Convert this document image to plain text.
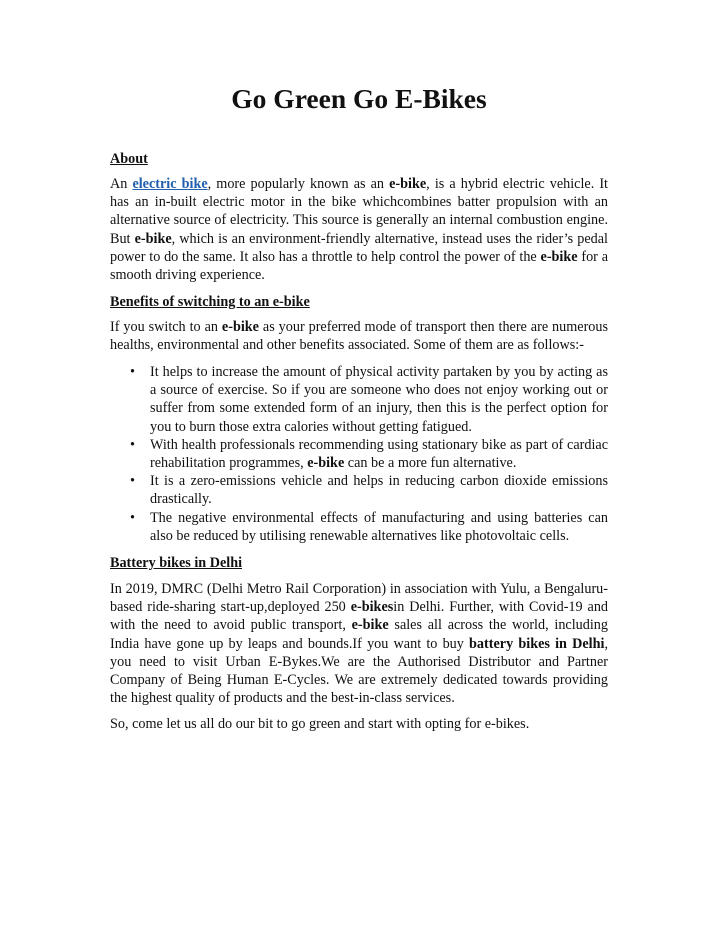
Go Green Go E-Bikes
About

An electric bike, more popularly known as an e-bike, is a hybrid electric vehicle. It has an in-built electric motor in the bike whichcombines batter propulsion with an alternative source of electricity. This source is generally an internal combustion engine. But e-bike, which is an environment-friendly alternative, instead uses the rider’s pedal power to do the same. It also has a throttle to help control the power of the e-bike for a smooth driving experience.

Benefits of switching to an e-bike

If you switch to an e-bike as your preferred mode of transport then there are numerous healths, environmental and other benefits associated. Some of them are as follows:-

• It helps to increase the amount of physical activity partaken by you by acting as a source of exercise. So if you are someone who does not enjoy working out or suffer from some extended form of an injury, then this is the perfect option for you to burn those extra calories without getting fatigued.
• With health professionals recommending using stationary bike as part of cardiac rehabilitation programmes, e-bike can be a more fun alternative.
• It is a zero-emissions vehicle and helps in reducing carbon dioxide emissions drastically.
• The negative environmental effects of manufacturing and using batteries can also be reduced by utilising renewable alternatives like photovoltaic cells.
Battery bikes in Delhi

In 2019, DMRC (Delhi Metro Rail Corporation) in association with Yulu, a Bengaluru-based ride-sharing start-up,deployed 250 e-bikesin Delhi. Further, with Covid-19 and with the need to avoid public transport, e-bike sales all across the world, including India have gone up by leaps and bounds.If you want to buy battery bikes in Delhi, you need to visit Urban E-Bykes.We are the Authorised Distributor and Partner Company of Being Human E-Cycles. We are extremely dedicated towards providing the highest quality of products and the best-in-class services.

So, come let us all do our bit to go green and start with opting for e-bikes.
